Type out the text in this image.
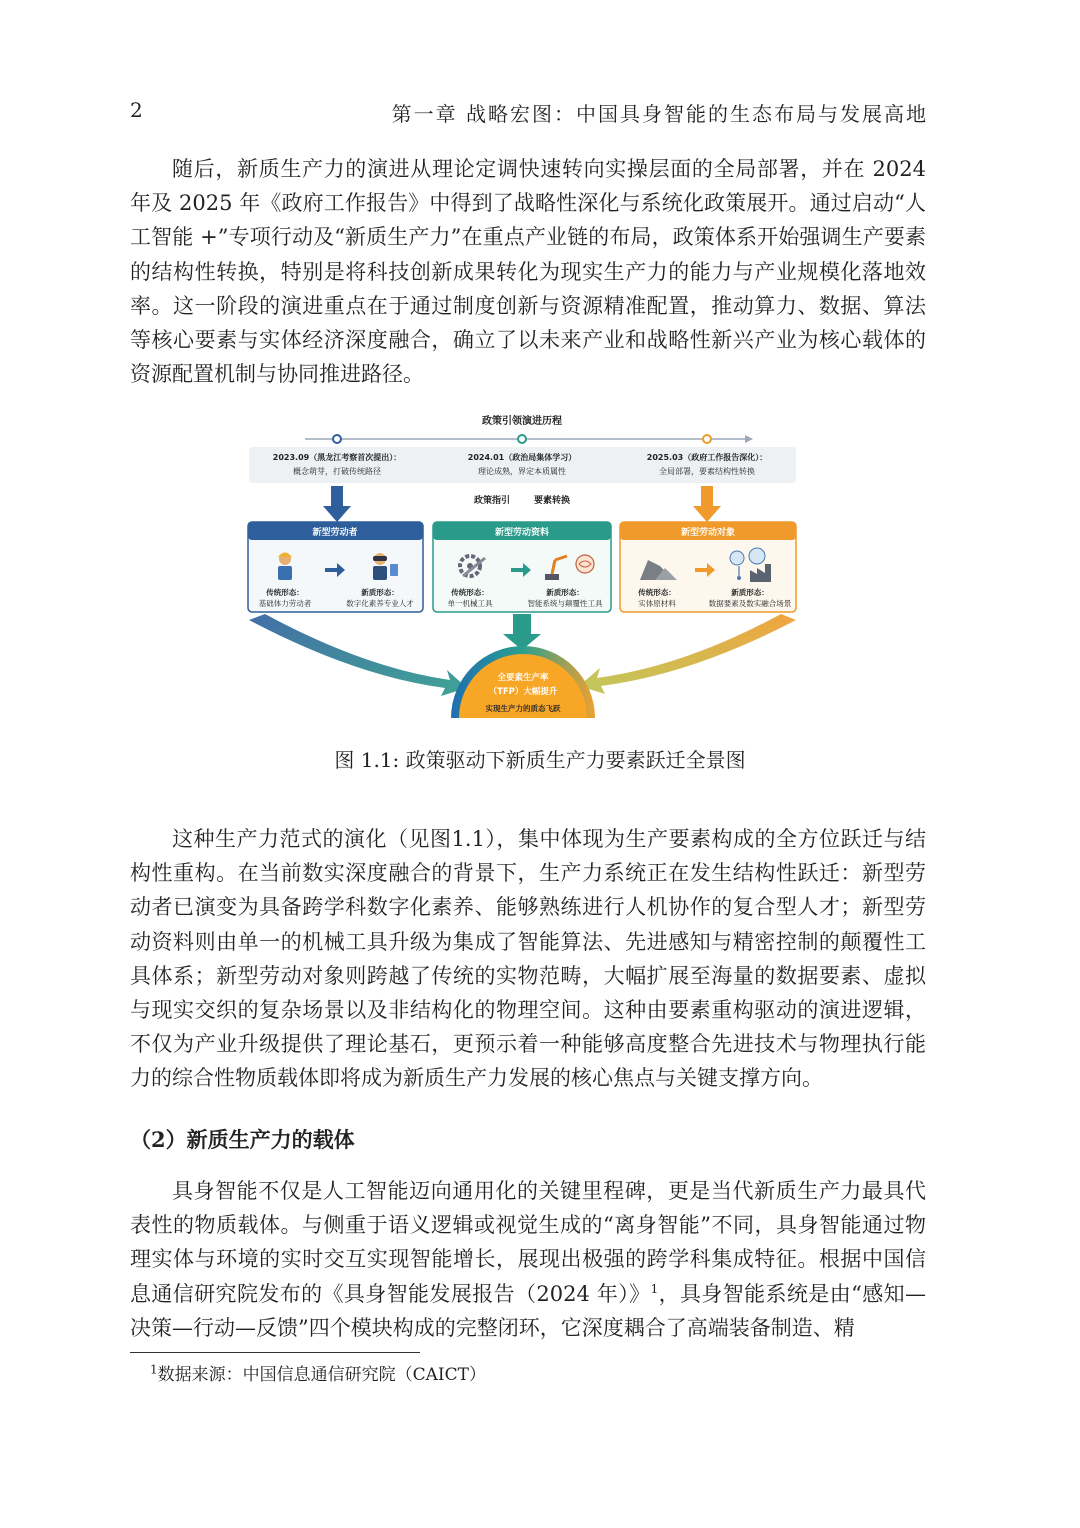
2	第一章 战略宏图：中国具身智能的生态布局与发展高地

随后，新质生产力的演进从理论定调快速转向实操层面的全局部署，并在 2024 年及 2025 年《政府工作报告》中得到了战略性深化与系统化政策展开。通过启动“人工智能 +”专项行动及“新质生产力”在重点产业链的布局，政策体系开始强调生产要素的结构性转换，特别是将科技创新成果转化为现实生产力的能力与产业规模化落地效率。这一阶段的演进重点在于通过制度创新与资源精准配置，推动算力、数据、算法等核心要素与实体经济深度融合，确立了以未来产业和战略性新兴产业为核心载体的资源配置机制与协同推进路径。

政策引领演进历程
2023.09（黑龙江考察首次提出）：
概念萌芽，打破传统路径
2024.01（政治局集体学习）
理论成熟，界定本质属性
2025.03（政府工作报告深化）：
全局部署，要素结构性转换
政策指引	要素转换
新型劳动者
传统形态：
基础体力劳动者
新质形态：
数字化素养专业人才
新型劳动资料
传统形态：
单一机械工具
新质形态：
智能系统与颠覆性工具
新型劳动对象
传统形态：
实体原材料
新质形态：
数据要素及数实融合场景
全要素生产率
（TFP）大幅提升
实现生产力的质态飞跃
图 1.1: 政策驱动下新质生产力要素跃迁全景图

这种生产力范式的演化（见图1.1），集中体现为生产要素构成的全方位跃迁与结构性重构。在当前数实深度融合的背景下，生产力系统正在发生结构性跃迁：新型劳动者已演变为具备跨学科数字化素养、能够熟练进行人机协作的复合型人才；新型劳动资料则由单一的机械工具升级为集成了智能算法、先进感知与精密控制的颠覆性工具体系；新型劳动对象则跨越了传统的实物范畴，大幅扩展至海量的数据要素、虚拟与现实交织的复杂场景以及非结构化的物理空间。这种由要素重构驱动的演进逻辑，不仅为产业升级提供了理论基石，更预示着一种能够高度整合先进技术与物理执行能力的综合性物质载体即将成为新质生产力发展的核心焦点与关键支撑方向。

（2）新质生产力的载体

具身智能不仅是人工智能迈向通用化的关键里程碑，更是当代新质生产力最具代表性的物质载体。与侧重于语义逻辑或视觉生成的“离身智能”不同，具身智能通过物理实体与环境的实时交互实现智能增长，展现出极强的跨学科集成特征。根据中国信息通信研究院发布的《具身智能发展报告（2024 年）》$^1$，具身智能系统是由“感知—决策—行动—反馈”四个模块构成的完整闭环，它深度耦合了高端装备制造、精

$^1$数据来源：中国信息通信研究院（CAICT）
